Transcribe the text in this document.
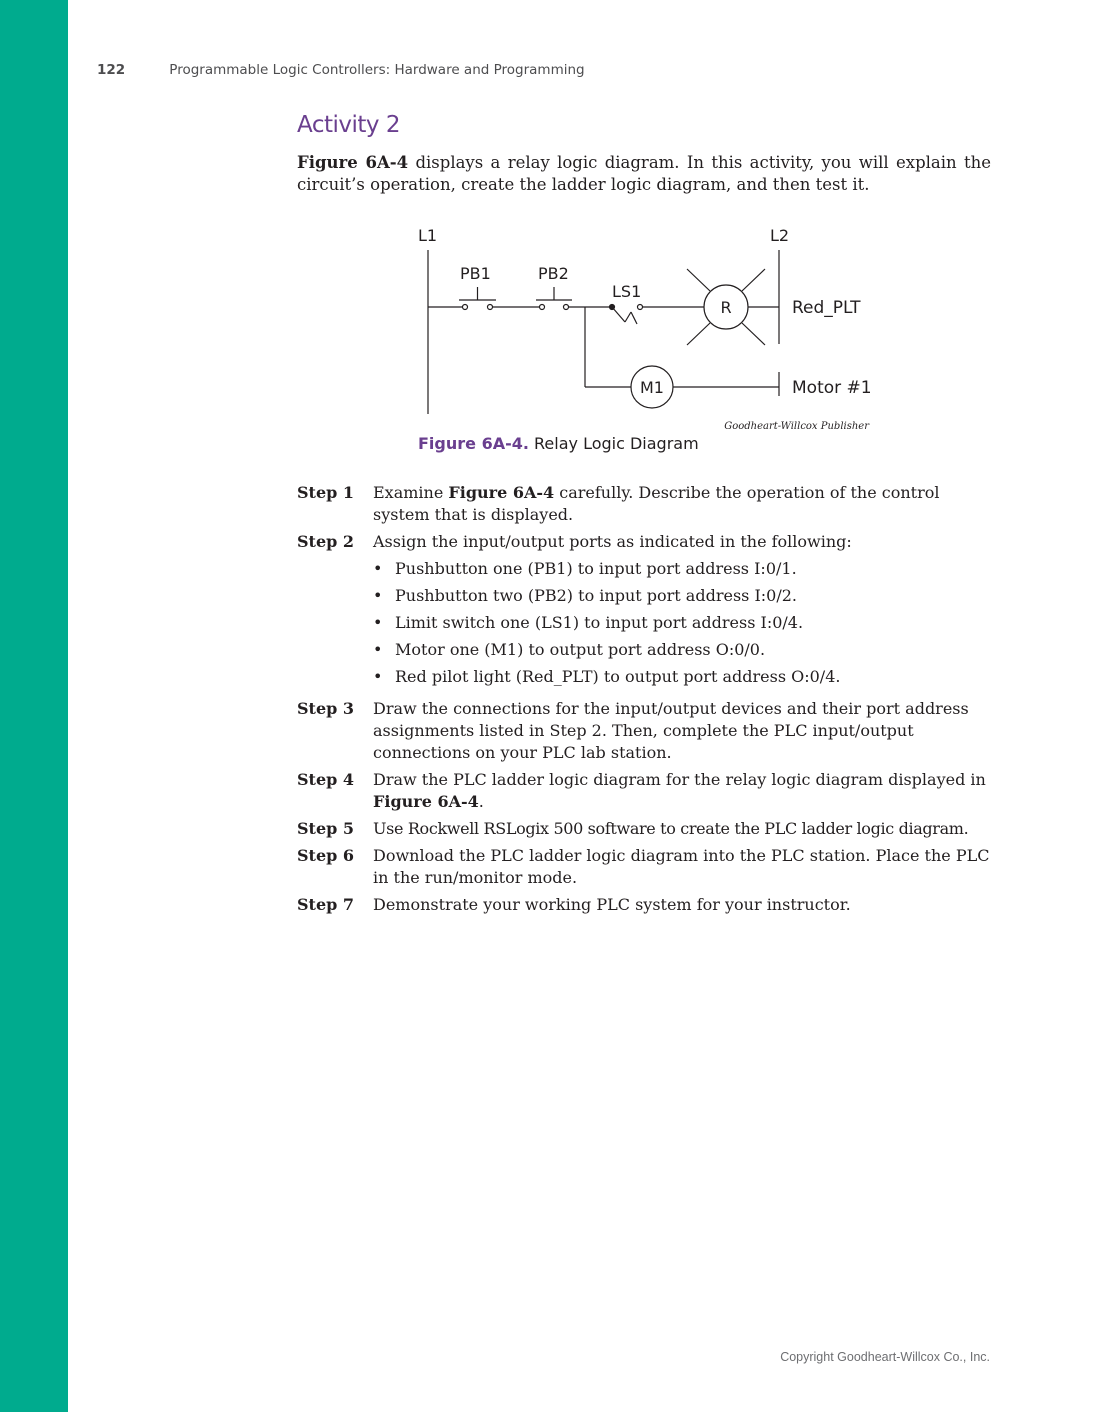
122	Programmable Logic Controllers: Hardware and Programming
Activity 2

Figure 6A-4 displays a relay logic diagram. In this activity, you will explain the circuit’s operation, create the ladder logic diagram, and then test it.

L1	L2
PB1	PB2
LS1
R	Red_PLT
M1	Motor #1
Goodheart-Willcox Publisher
Figure 6A-4. Relay Logic Diagram
Step 1	Examine Figure 6A-4 carefully. Describe the operation of the control system that is displayed.
Step 2	Assign the input/output ports as indicated in the following:
• Pushbutton one (PB1) to input port address I:0/1.
• Pushbutton two (PB2) to input port address I:0/2.
• Limit switch one (LS1) to input port address I:0/4.
• Motor one (M1) to output port address O:0/0.
• Red pilot light (Red_PLT) to output port address O:0/4.
Step 3	Draw the connections for the input/output devices and their port address assignments listed in Step 2. Then, complete the PLC input/output connections on your PLC lab station.
Step 4	Draw the PLC ladder logic diagram for the relay logic diagram displayed in Figure 6A-4.
Step 5	Use Rockwell RSLogix 500 software to create the PLC ladder logic diagram.
Step 6	Download the PLC ladder logic diagram into the PLC station. Place the PLC in the run/monitor mode.
Step 7	Demonstrate your working PLC system for your instructor.
Copyright Goodheart-Willcox Co., Inc.
